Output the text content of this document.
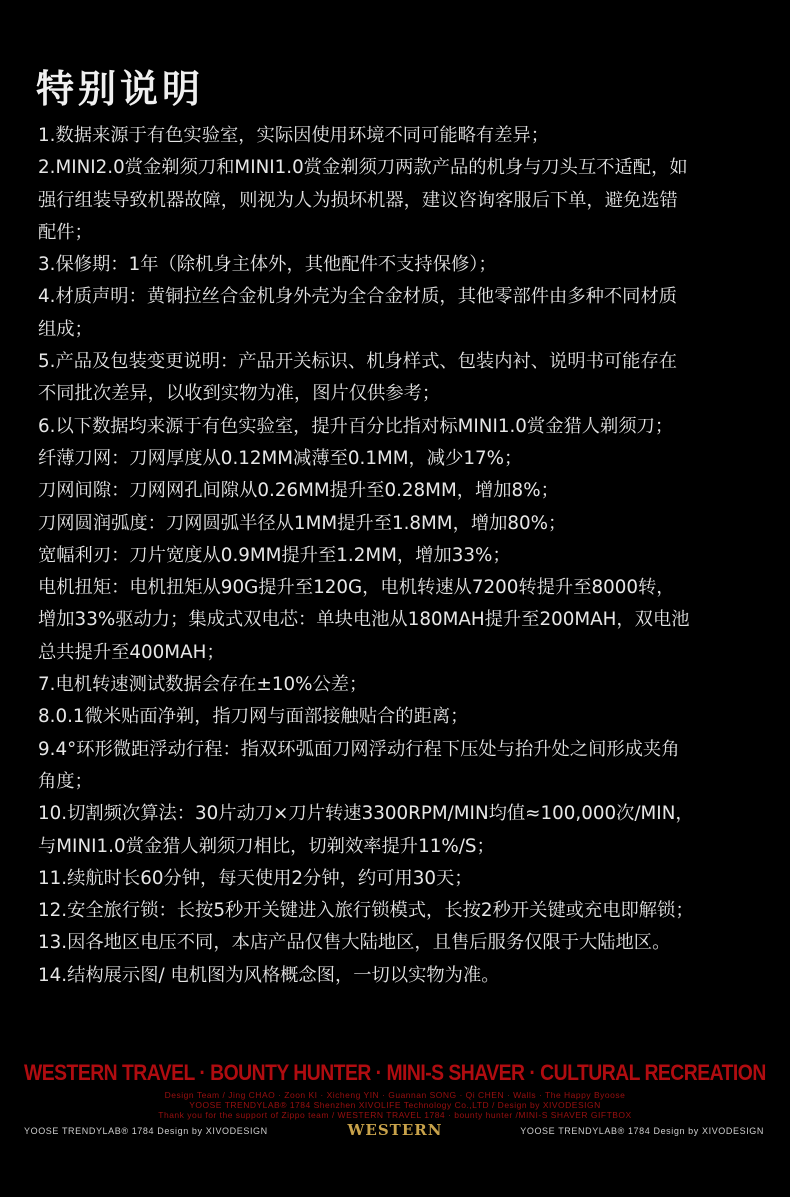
特别说明
1.数据来源于有色实验室，实际因使用环境不同可能略有差异；
2.MINI2.0赏金剃须刀和MINI1.0赏金剃须刀两款产品的机身与刀头互不适配，如
强行组装导致机器故障，则视为人为损坏机器，建议咨询客服后下单，避免选错
配件；
3.保修期：1年（除机身主体外，其他配件不支持保修）；
4.材质声明：黄铜拉丝合金机身外壳为全合金材质，其他零部件由多种不同材质
组成；
5.产品及包装变更说明：产品开关标识、机身样式、包装内衬、说明书可能存在
不同批次差异，以收到实物为准，图片仅供参考；
6.以下数据均来源于有色实验室，提升百分比指对标MINI1.0赏金猎人剃须刀；
纤薄刀网：刀网厚度从0.12MM减薄至0.1MM，减少17%；
刀网间隙：刀网网孔间隙从0.26MM提升至0.28MM，增加8%；
刀网圆润弧度：刀网圆弧半径从1MM提升至1.8MM，增加80%；
宽幅利刃：刀片宽度从0.9MM提升至1.2MM，增加33%；
电机扭矩：电机扭矩从90G提升至120G，电机转速从7200转提升至8000转，
增加33%驱动力；集成式双电芯：单块电池从180MAH提升至200MAH，双电池
总共提升至400MAH；
7.电机转速测试数据会存在±10%公差；
8.0.1微米贴面净剃，指刀网与面部接触贴合的距离；
9.4°环形微距浮动行程：指双环弧面刀网浮动行程下压处与抬升处之间形成夹角
角度；
10.切割频次算法：30片动刀×刀片转速3300RPM/MIN均值≈100,000次/MIN，
与MINI1.0赏金猎人剃须刀相比，切剃效率提升11%/S；
11.续航时长60分钟，每天使用2分钟，约可用30天；
12.安全旅行锁：长按5秒开关键进入旅行锁模式，长按2秒开关键或充电即解锁；
13.因各地区电压不同，本店产品仅售大陆地区，且售后服务仅限于大陆地区。
14.结构展示图/ 电机图为风格概念图，一切以实物为准。
WESTERN TRAVEL · BOUNTY HUNTER · MINI-S SHAVER · CULTURAL RECREATION
Design Team / Jing CHAO · Zoon KI · Xicheng YIN · Guannan SONG · Qi CHEN · Walls · The Happy Byoose
YOOSE TRENDYLAB® 1784 Shenzhen XIVOLIFE Technology Co.,LTD / Design by XIVODESIGN
Thank you for the support of Zippo team / WESTERN TRAVEL 1784 · bounty hunter /MINI-S SHAVER GIFTBOX
YOOSE TRENDYLAB® 1784 Design by XIVODESIGN	WESTERN	YOOSE TRENDYLAB® 1784 Design by XIVODESIGN
